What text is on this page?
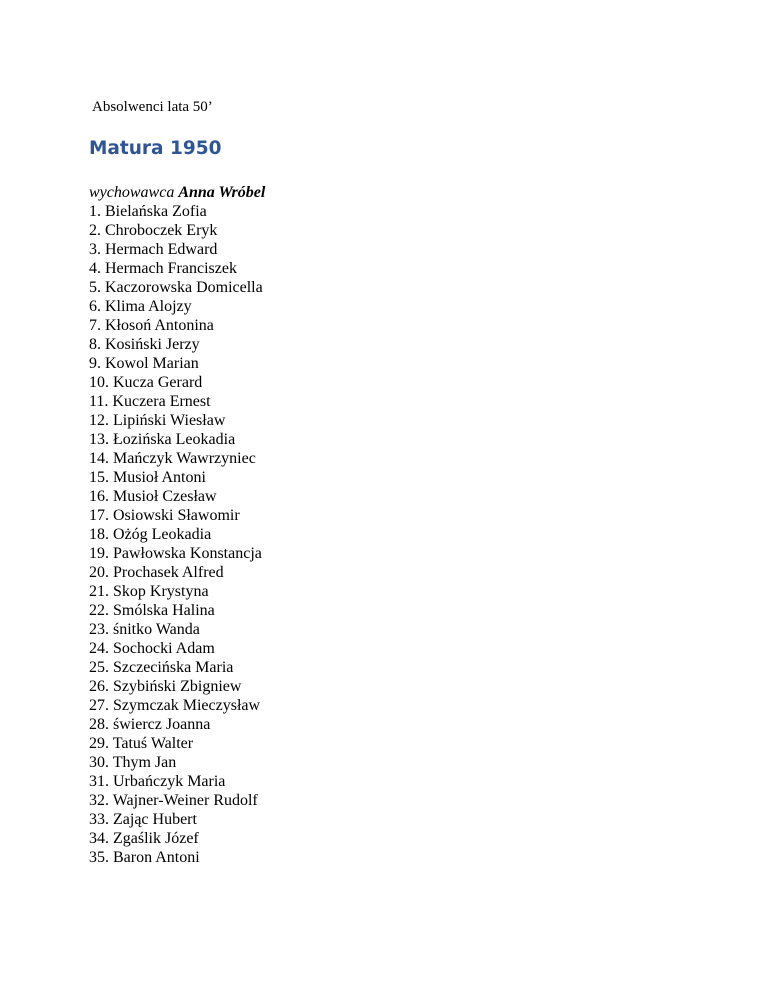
Absolwenci lata 50’
Matura 1950
wychowawca Anna Wróbel
1. Bielańska Zofia
2. Chroboczek Eryk
3. Hermach Edward
4. Hermach Franciszek
5. Kaczorowska Domicella
6. Klima Alojzy
7. Kłosoń Antonina
8. Kosiński Jerzy
9. Kowol Marian
10. Kucza Gerard
11. Kuczera Ernest
12. Lipiński Wiesław
13. Łozińska Leokadia
14. Mańczyk Wawrzyniec
15. Musioł Antoni
16. Musioł Czesław
17. Osiowski Sławomir
18. Ożóg Leokadia
19. Pawłowska Konstancja
20. Prochasek Alfred
21. Skop Krystyna
22. Smólska Halina
23. śnitko Wanda
24. Sochocki Adam
25. Szczecińska Maria
26. Szybiński Zbigniew
27. Szymczak Mieczysław
28. świercz Joanna
29. Tatuś Walter
30. Thym Jan
31. Urbańczyk Maria
32. Wajner-Weiner Rudolf
33. Zając Hubert
34. Zgaślik Józef
35. Baron Antoni
